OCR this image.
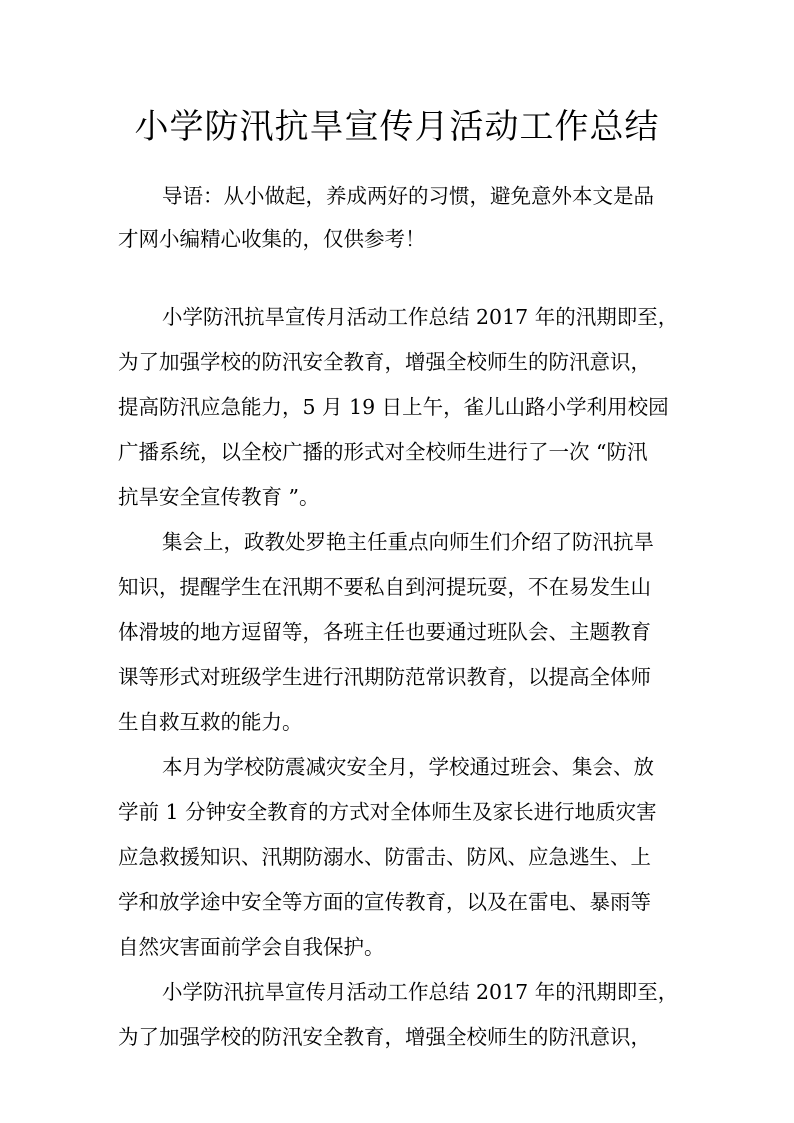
小学防汛抗旱宣传月活动工作总结
导语：从小做起，养成两好的习惯，避免意外本文是品
才网小编精心收集的，仅供参考！
小学防汛抗旱宣传月活动工作总结 2017 年的汛期即至，
为了加强学校的防汛安全教育，增强全校师生的防汛意识，
提高防汛应急能力，5 月 19 日上午，雀儿山路小学利用校园
广播系统，以全校广播的形式对全校师生进行了一次 “防汛
抗旱安全宣传教育 ”。
集会上，政教处罗艳主任重点向师生们介绍了防汛抗旱
知识，提醒学生在汛期不要私自到河提玩耍，不在易发生山
体滑坡的地方逗留等，各班主任也要通过班队会、主题教育
课等形式对班级学生进行汛期防范常识教育，以提高全体师
生自救互救的能力。
本月为学校防震减灾安全月，学校通过班会、集会、放
学前 1 分钟安全教育的方式对全体师生及家长进行地质灾害
应急救援知识、汛期防溺水、防雷击、防风、应急逃生、上
学和放学途中安全等方面的宣传教育，以及在雷电、暴雨等
自然灾害面前学会自我保护。
小学防汛抗旱宣传月活动工作总结 2017 年的汛期即至，
为了加强学校的防汛安全教育，增强全校师生的防汛意识，
